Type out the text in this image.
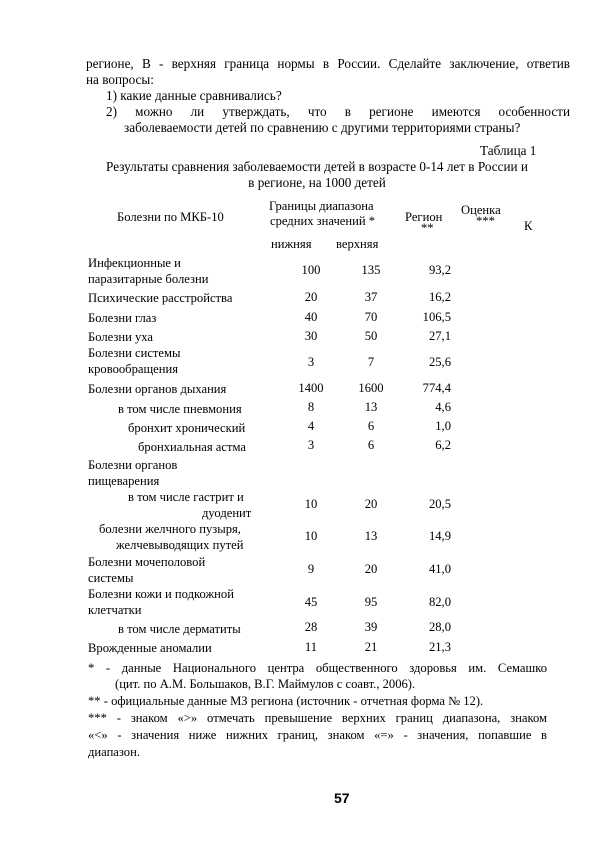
регионе, В - верхняя граница нормы в России. Сделайте заключение, ответив
на вопросы:
1) какие данные сравнивались?
2) можно ли утверждать, что в регионе имеются особенности
заболеваемости детей по сравнению с другими территориями страны?
Таблица 1
Результаты сравнения заболеваемости детей в возрасте 0-14 лет в России и
в регионе, на 1000 детей
Болезни по МКБ-10
Границы диапазона
средних значений *
нижняя верхняя
Регион
**
Оценка
*** К
Инфекционные и
паразитарные болезни
100	135	93,2
Психические расстройства	20	37	16,2
Болезни глаз	40	70	106,5
Болезни уха	30	50	27,1
Болезни системы
кровообращения	3	7	25,6
Болезни органов дыхания	1400	1600	774,4
в том числе пневмония	8	13	4,6
бронхит хронический	4	6	1,0
бронхиальная астма	3	6	6,2
Болезни органов
пищеварения
в том числе гастрит и
дуоденит
10	20	20,5
болезни желчного пузыря,
желчевыводящих путей
10	13	14,9
Болезни мочеполовой
системы
9	20	41,0
Болезни кожи и подкожной
клетчатки
45	95	82,0
в том числе дерматиты	28	39	28,0
Врожденные аномалии	11	21	21,3
* - данные Национального центра общественного здоровья им. Семашко
(цит. по А.М. Большаков, В.Г. Маймулов с соавт., 2006).
** - официальные данные МЗ региона (источник - отчетная форма № 12).
*** - знаком «>» отмечать превышение верхних границ диапазона, знаком
«<» - значения ниже нижних границ, знаком «=» - значения, попавшие в
диапазон.
57
